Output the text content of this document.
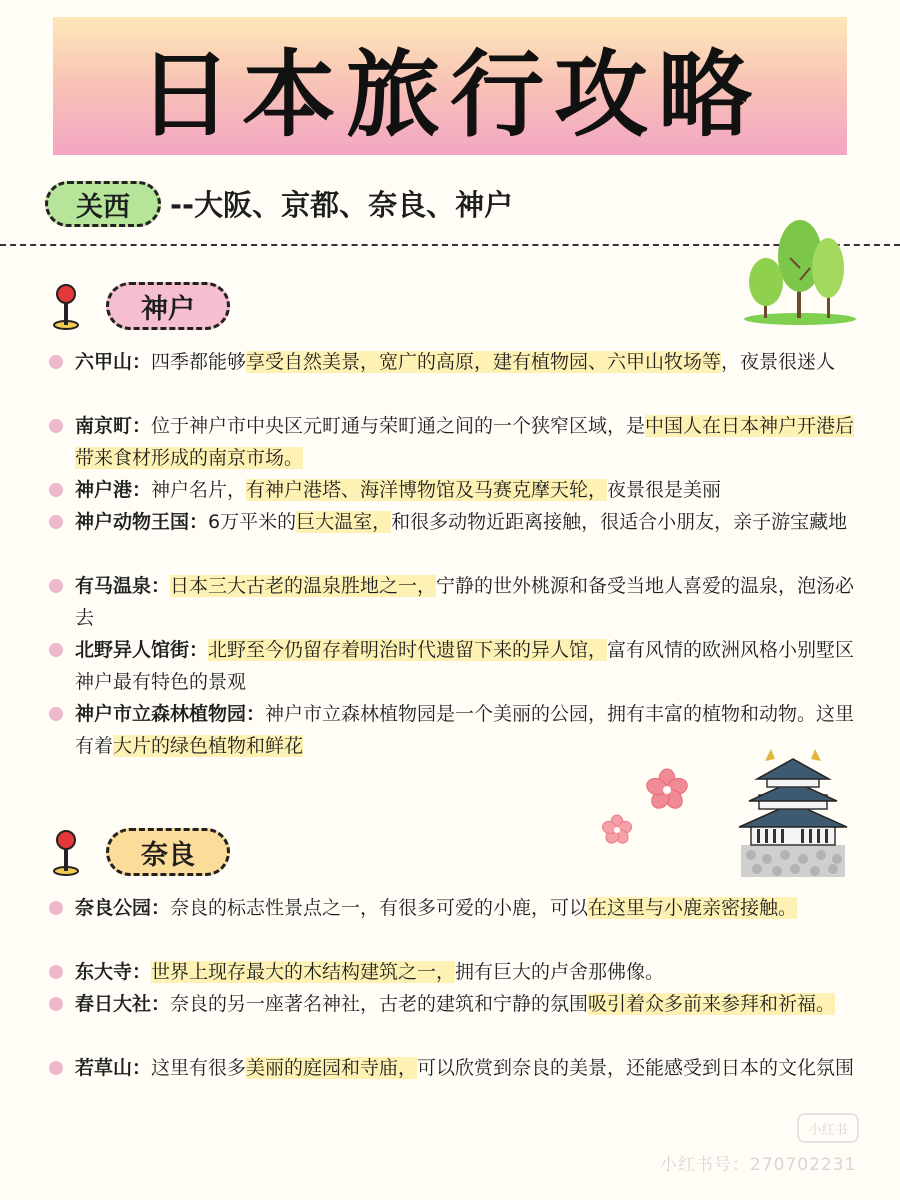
日本旅行攻略
关西	--大阪、京都、奈良、神户
神户
六甲山：四季都能够享受自然美景，宽广的高原，建有植物园、六甲山牧场等，夜景很迷人
南京町：位于神户市中央区元町通与荣町通之间的一个狭窄区域，是中国人在日本神户开港后带来食材形成的南京市场。
神户港：神户名片，有神户港塔、海洋博物馆及马赛克摩天轮，夜景很是美丽
神户动物王国：6万平米的巨大温室，和很多动物近距离接触，很适合小朋友，亲子游宝藏地
有马温泉：日本三大古老的温泉胜地之一，宁静的世外桃源和备受当地人喜爱的温泉，泡汤必去
北野异人馆街：北野至今仍留存着明治时代遗留下来的异人馆，富有风情的欧洲风格小别墅区神户最有特色的景观
神户市立森林植物园：神户市立森林植物园是一个美丽的公园，拥有丰富的植物和动物。这里有着大片的绿色植物和鲜花
奈良
奈良公园：奈良的标志性景点之一，有很多可爱的小鹿，可以在这里与小鹿亲密接触。
东大寺：世界上现存最大的木结构建筑之一，拥有巨大的卢舍那佛像。
春日大社：奈良的另一座著名神社，古老的建筑和宁静的氛围吸引着众多前来参拜和祈福。
若草山：这里有很多美丽的庭园和寺庙，可以欣赏到奈良的美景，还能感受到日本的文化氛围
小红书
小红书号：270702231
